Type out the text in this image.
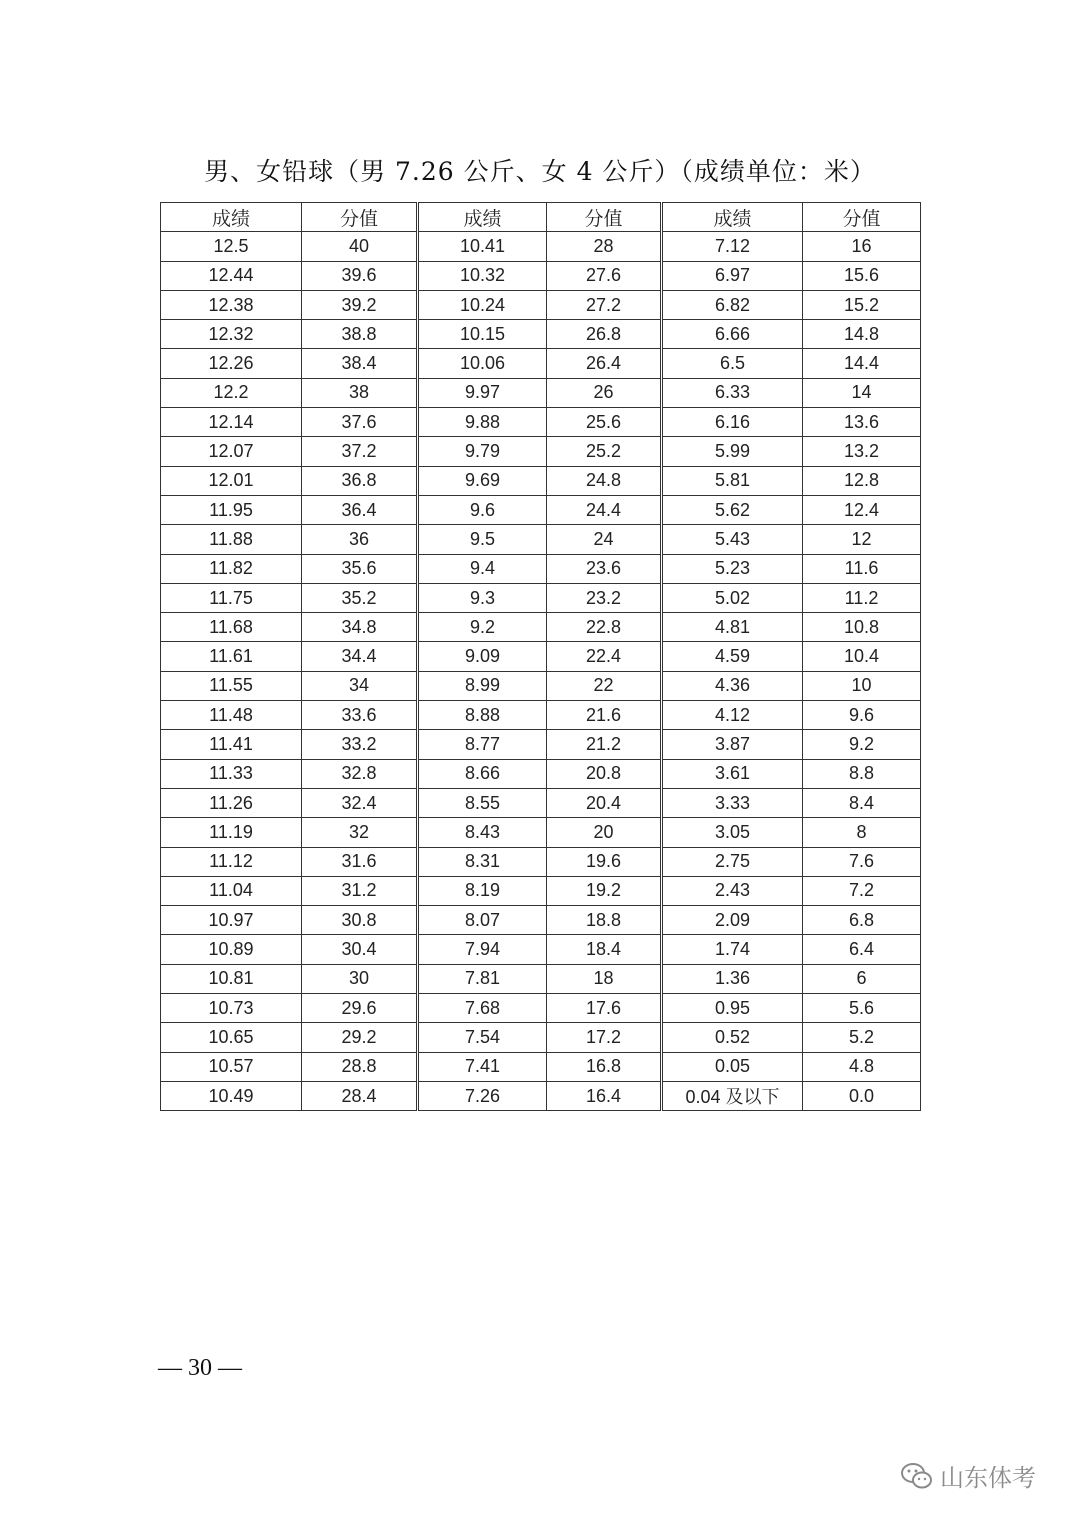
男、女铅球（男 7.26 公斤、女 4 公斤）（成绩单位：米）
成绩	分值	成绩	分值	成绩	分值
12.5	40	10.41	28	7.12	16
12.44	39.6	10.32	27.6	6.97	15.6
12.38	39.2	10.24	27.2	6.82	15.2
12.32	38.8	10.15	26.8	6.66	14.8
12.26	38.4	10.06	26.4	6.5	14.4
12.2	38	9.97	26	6.33	14
12.14	37.6	9.88	25.6	6.16	13.6
12.07	37.2	9.79	25.2	5.99	13.2
12.01	36.8	9.69	24.8	5.81	12.8
11.95	36.4	9.6	24.4	5.62	12.4
11.88	36	9.5	24	5.43	12
11.82	35.6	9.4	23.6	5.23	11.6
11.75	35.2	9.3	23.2	5.02	11.2
11.68	34.8	9.2	22.8	4.81	10.8
11.61	34.4	9.09	22.4	4.59	10.4
11.55	34	8.99	22	4.36	10
11.48	33.6	8.88	21.6	4.12	9.6
11.41	33.2	8.77	21.2	3.87	9.2
11.33	32.8	8.66	20.8	3.61	8.8
11.26	32.4	8.55	20.4	3.33	8.4
11.19	32	8.43	20	3.05	8
11.12	31.6	8.31	19.6	2.75	7.6
11.04	31.2	8.19	19.2	2.43	7.2
10.97	30.8	8.07	18.8	2.09	6.8
10.89	30.4	7.94	18.4	1.74	6.4
10.81	30	7.81	18	1.36	6
10.73	29.6	7.68	17.6	0.95	5.6
10.65	29.2	7.54	17.2	0.52	5.2
10.57	28.8	7.41	16.8	0.05	4.8
10.49	28.4	7.26	16.4	0.04 及以下	0.0
— 30 —
山东体考
